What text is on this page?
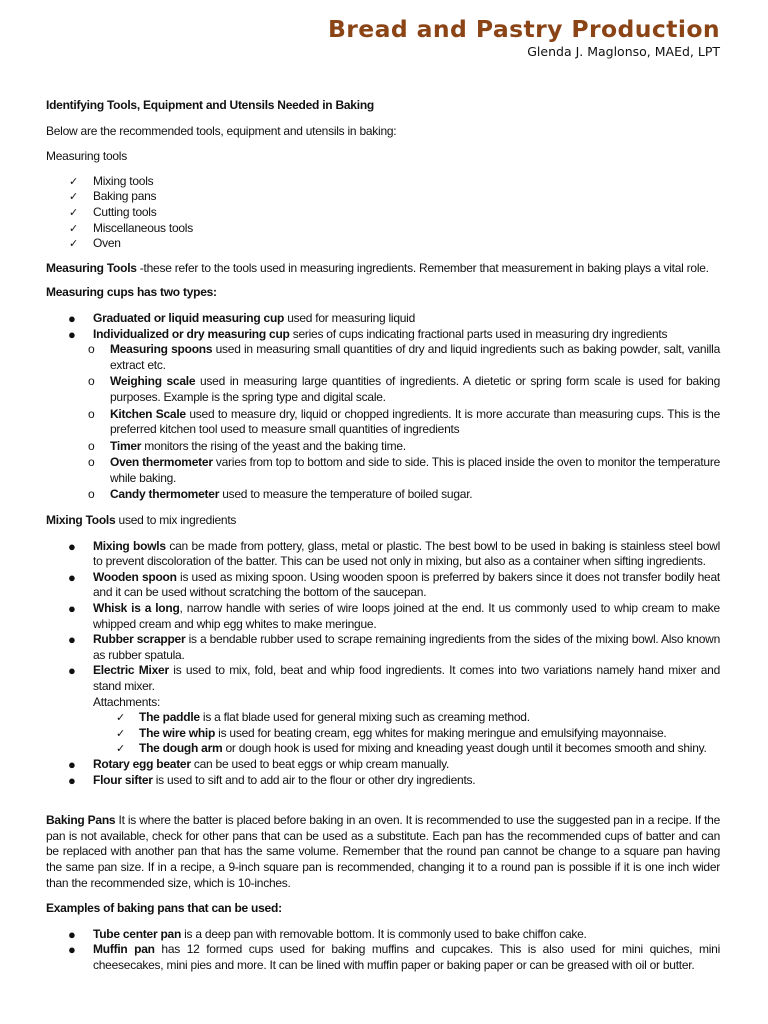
Bread and Pastry Production
Glenda J. Maglonso, MAEd, LPT

Identifying Tools, Equipment and Utensils Needed in Baking

Below are the recommended tools, equipment and utensils in baking:

Measuring tools

✓ Mixing tools
✓ Baking pans
✓ Cutting tools
✓ Miscellaneous tools
✓ Oven

Measuring Tools -these refer to the tools used in measuring ingredients. Remember that measurement in baking plays a vital role.

Measuring cups has two types:

● Graduated or liquid measuring cup used for measuring liquid
● Individualized or dry measuring cup series of cups indicating fractional parts used in measuring dry ingredients
o Measuring spoons used in measuring small quantities of dry and liquid ingredients such as baking powder, salt, vanilla extract etc.
o Weighing scale used in measuring large quantities of ingredients. A dietetic or spring form scale is used for baking purposes. Example is the spring type and digital scale.
o Kitchen Scale used to measure dry, liquid or chopped ingredients. It is more accurate than measuring cups. This is the preferred kitchen tool used to measure small quantities of ingredients
o Timer monitors the rising of the yeast and the baking time.
o Oven thermometer varies from top to bottom and side to side. This is placed inside the oven to monitor the temperature while baking.
o Candy thermometer used to measure the temperature of boiled sugar.

Mixing Tools used to mix ingredients

● Mixing bowls can be made from pottery, glass, metal or plastic. The best bowl to be used in baking is stainless steel bowl to prevent discoloration of the batter. This can be used not only in mixing, but also as a container when sifting ingredients.
● Wooden spoon is used as mixing spoon. Using wooden spoon is preferred by bakers since it does not transfer bodily heat and it can be used without scratching the bottom of the saucepan.
● Whisk is a long, narrow handle with series of wire loops joined at the end. It us commonly used to whip cream to make whipped cream and whip egg whites to make meringue.
● Rubber scrapper is a bendable rubber used to scrape remaining ingredients from the sides of the mixing bowl. Also known as rubber spatula.
● Electric Mixer is used to mix, fold, beat and whip food ingredients. It comes into two variations namely hand mixer and stand mixer.

Attachments:

✓ The paddle is a flat blade used for general mixing such as creaming method.
✓ The wire whip is used for beating cream, egg whites for making meringue and emulsifying mayonnaise.
✓ The dough arm or dough hook is used for mixing and kneading yeast dough until it becomes smooth and shiny.
● Rotary egg beater can be used to beat eggs or whip cream manually.
● Flour sifter is used to sift and to add air to the flour or other dry ingredients.

Baking Pans It is where the batter is placed before baking in an oven. It is recommended to use the suggested pan in a recipe. If the pan is not available, check for other pans that can be used as a substitute. Each pan has the recommended cups of batter and can be replaced with another pan that has the same volume. Remember that the round pan cannot be change to a square pan having the same pan size. If in a recipe, a 9-inch square pan is recommended, changing it to a round pan is possible if it is one inch wider than the recommended size, which is 10-inches.

Examples of baking pans that can be used:

● Tube center pan is a deep pan with removable bottom. It is commonly used to bake chiffon cake.
● Muffin pan has 12 formed cups used for baking muffins and cupcakes. This is also used for mini quiches, mini cheesecakes, mini pies and more. It can be lined with muffin paper or baking paper or can be greased with oil or butter.
